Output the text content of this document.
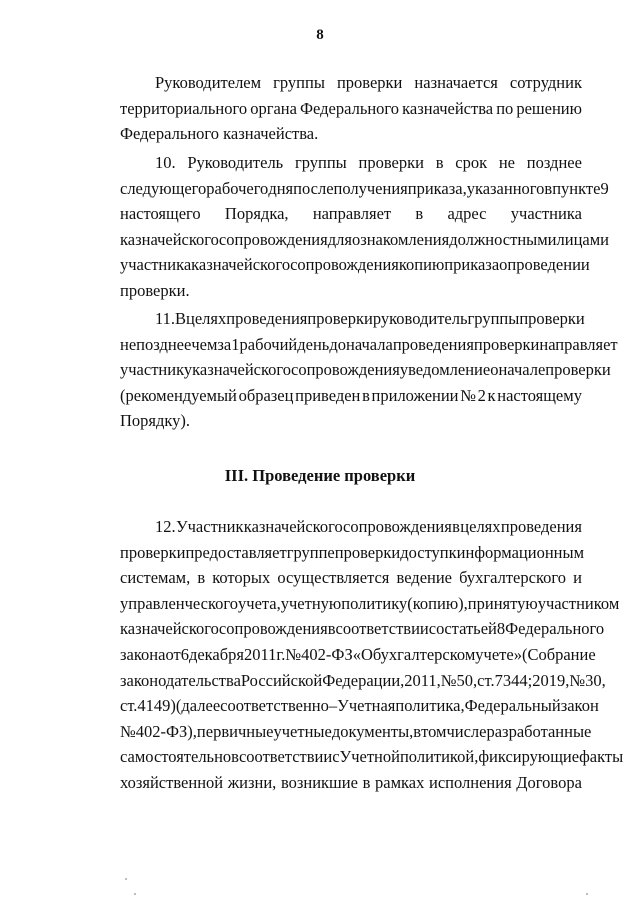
8
Руководителем группы проверки назначается сотрудник
территориального органа Федерального казначейства по решению
Федерального казначейства.
10. Руководитель группы проверки в срок не позднее
следующего рабочего дня после получения приказа, указанного в пункте 9
настоящего Порядка, направляет в адрес участника
казначейского сопровождения для ознакомления должностными лицами
участника казначейского сопровождения копию приказа о проведении
проверки.
11. В целях проведения проверки руководитель группы проверки
не позднее чем за 1 рабочий день до начала проведения проверки направляет
участнику казначейского сопровождения уведомление о начале проверки
(рекомендуемый образец приведен в приложении № 2 к настоящему
Порядку).
III. Проведение проверки
12. Участник казначейского сопровождения в целях проведения
проверки предоставляет группе проверки доступ к информационным
системам, в которых осуществляется ведение бухгалтерского и
управленческого учета, учетную политику (копию), принятую участником
казначейского сопровождения в соответствии со статьей 8 Федерального
закона от 6 декабря 2011 г. № 402-ФЗ «О бухгалтерском учете» (Собрание
законодательства Российской Федерации, 2011, № 50, ст. 7344; 2019, № 30,
ст. 4149) (далее соответственно – Учетная политика, Федеральный закон
№ 402-ФЗ), первичные учетные документы, в том числе разработанные
самостоятельно в соответствии с Учетной политикой, фиксирующие факты
хозяйственной жизни, возникшие в рамках исполнения Договора
